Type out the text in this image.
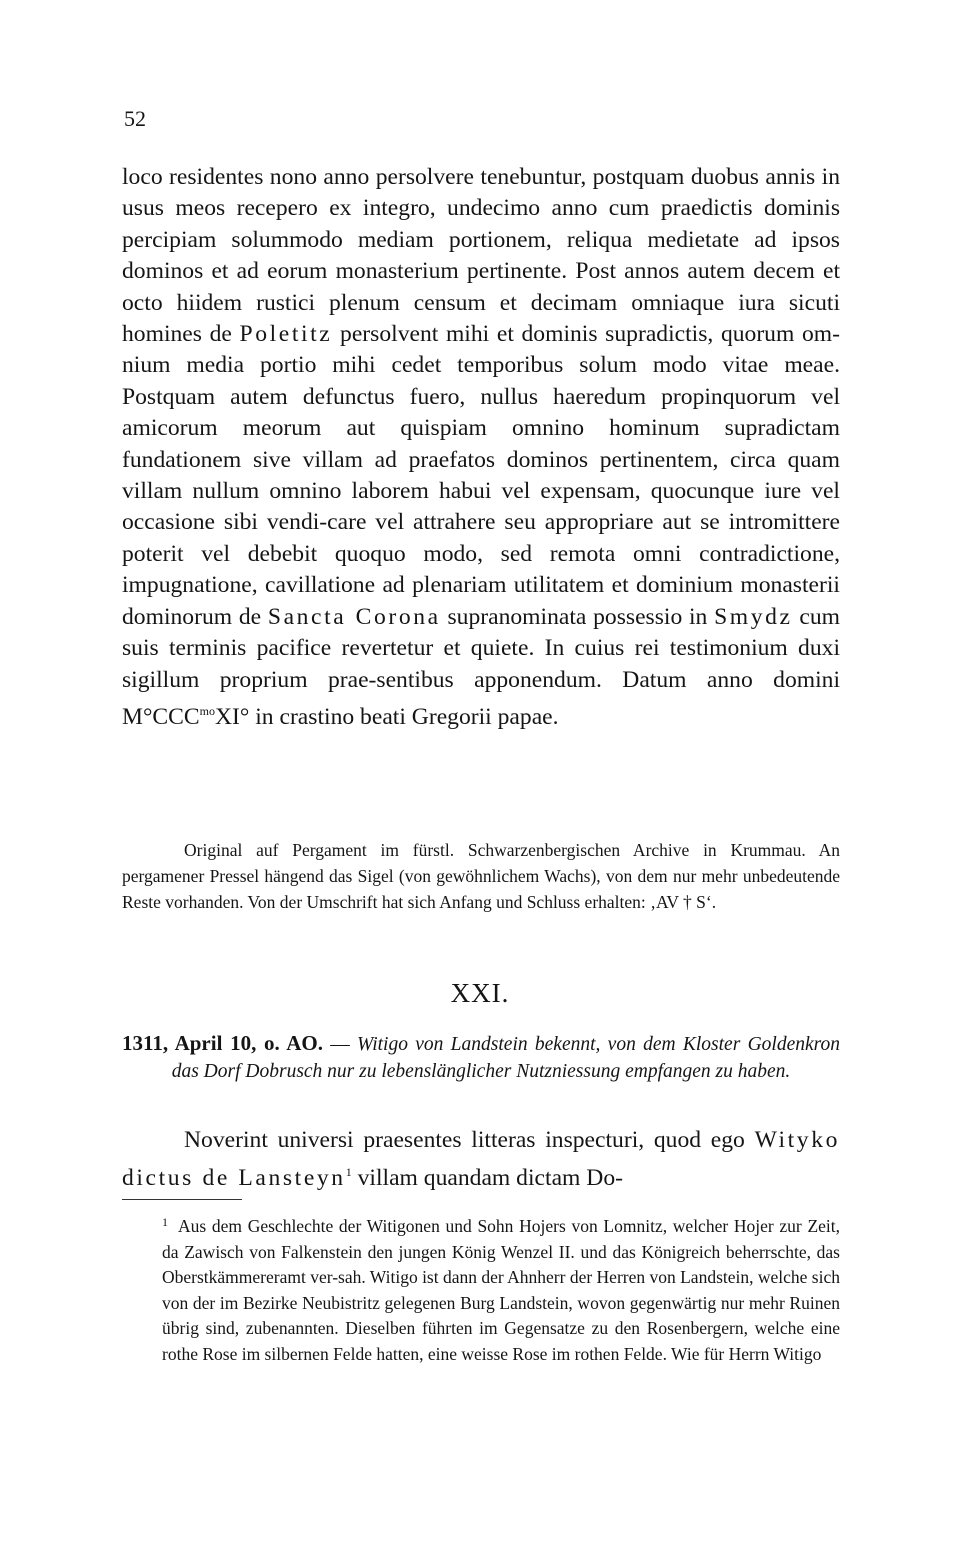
52

loco residentes nono anno persolvere tenebuntur, postquam duobus annis in usus meos recepero ex integro, undecimo anno cum praedictis dominis percipiam solummodo mediam portionem, reliqua medietate ad ipsos dominos et ad eorum monasterium pertinente. Post annos autem decem et octo hiidem rustici plenum censum et decimam omniaque iura sicuti homines de Poletitz persolvent mihi et dominis supradictis, quorum om-nium media portio mihi cedet temporibus solum modo vitae meae. Postquam autem defunctus fuero, nullus haeredum propinquorum vel amicorum meorum aut quispiam omnino hominum supradictam fundationem sive villam ad praefatos dominos pertinentem, circa quam villam nullum omnino laborem habui vel expensam, quocunque iure vel occasione sibi vendi-care vel attrahere seu appropriare aut se intromittere poterit vel debebit quoquo modo, sed remota omni contradictione, impugnatione, cavillatione ad plenariam utilitatem et dominium monasterii dominorum de Sancta Corona supranominata possessio in Smydz cum suis terminis pacifice revertetur et quiete. In cuius rei testimonium duxi sigillum proprium prae-sentibus apponendum. Datum anno domini $M^\circ CCC^{mo}XI^\circ$ in crastino beati Gregorii papae.

Original auf Pergament im fürstl. Schwarzenbergischen Archive in Krummau. An pergamener Pressel hängend das Sigel (von gewöhnlichem Wachs), von dem nur mehr unbedeutende Reste vorhanden. Von der Umschrift hat sich Anfang und Schluss erhalten: ‚AV † S‘.

XXI.

1311, April 10, o. AO. — Witigo von Landstein bekennt, von dem Kloster Goldenkron das Dorf Dobrusch nur zu lebenslänglicher Nutzniessung empfangen zu haben.

Noverint universi praesentes litteras inspecturi, quod ego Wityko dictus de Lansteyn$^1$ villam quandam dictam Do-

$^1$ Aus dem Geschlechte der Witigonen und Sohn Hojers von Lomnitz, welcher Hojer zur Zeit, da Zawisch von Falkenstein den jungen König Wenzel II. und das Königreich beherrschte, das Oberstkämmereramt ver-sah. Witigo ist dann der Ahnherr der Herren von Landstein, welche sich von der im Bezirke Neubistritz gelegenen Burg Landstein, wovon gegenwärtig nur mehr Ruinen übrig sind, zubenannten. Dieselben führten im Gegensatze zu den Rosenbergern, welche eine rothe Rose im silbernen Felde hatten, eine weisse Rose im rothen Felde. Wie für Herrn Witigo
